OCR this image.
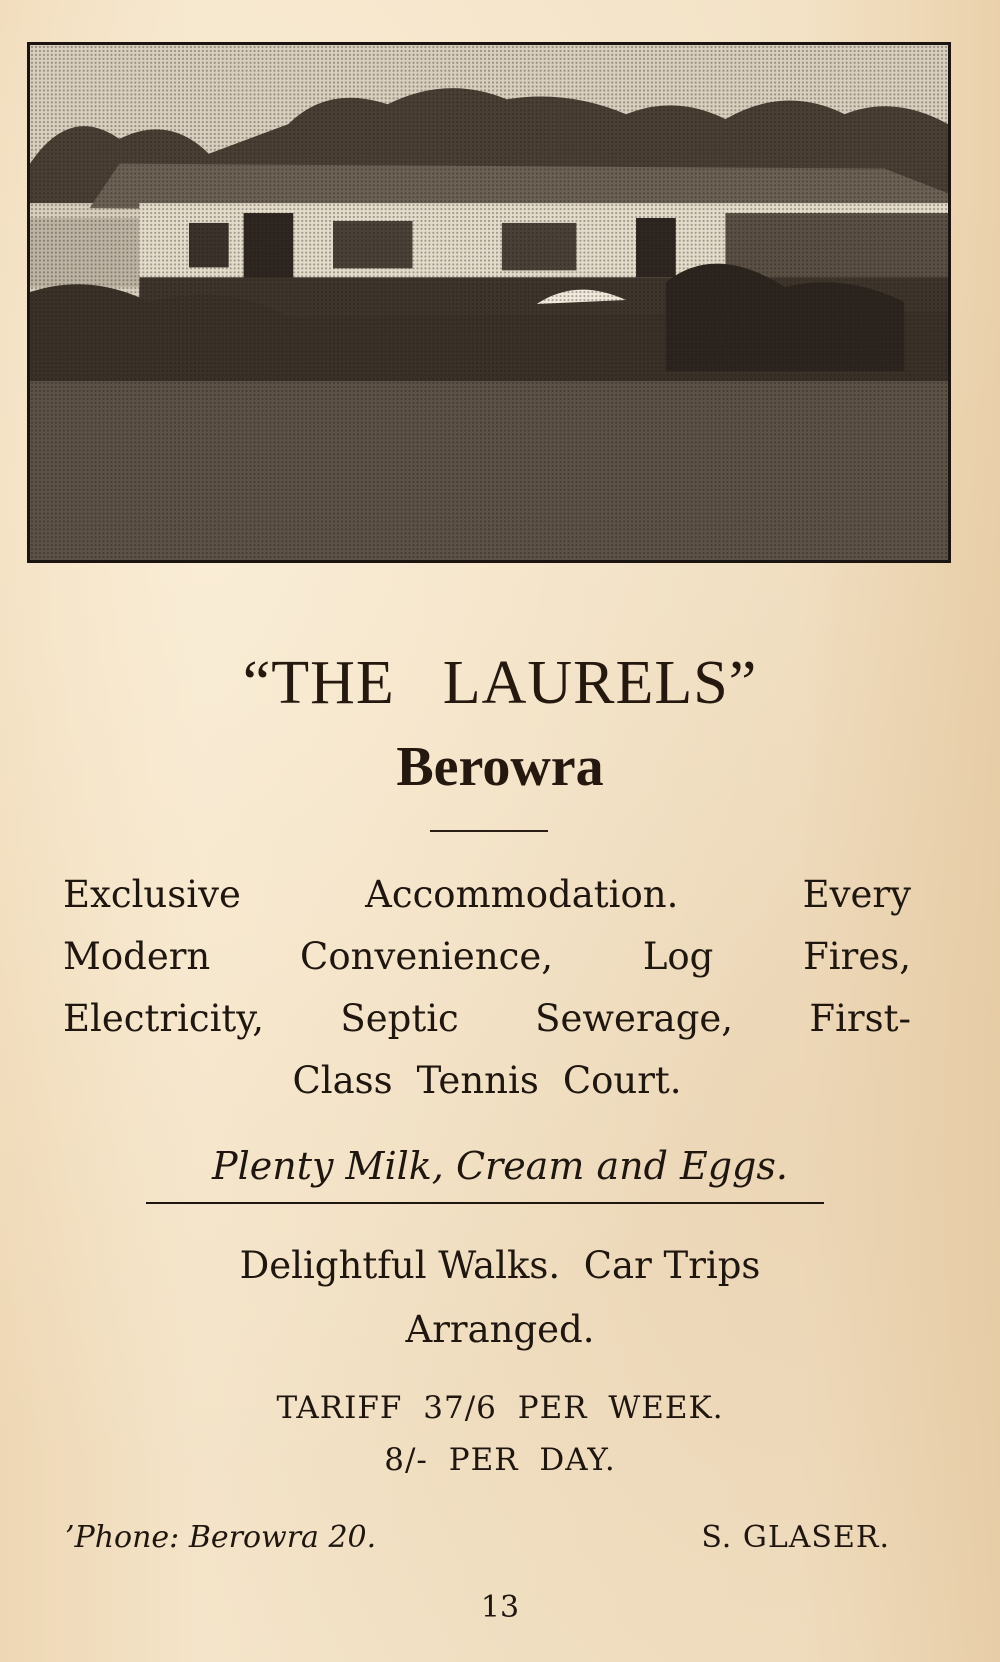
“THE LAURELS”
Berowra
Exclusive	Accommodation.	Every
Modern Convenience, Log Fires,
Electricity, Septic Sewerage, First-
Class Tennis Court.
Plenty Milk, Cream and Eggs.
Delightful Walks.  Car Trips
Arranged.
TARIFF 37/6 PER WEEK.
8/- PER DAY.
’Phone: Berowra 20.	S. GLASER.
13
